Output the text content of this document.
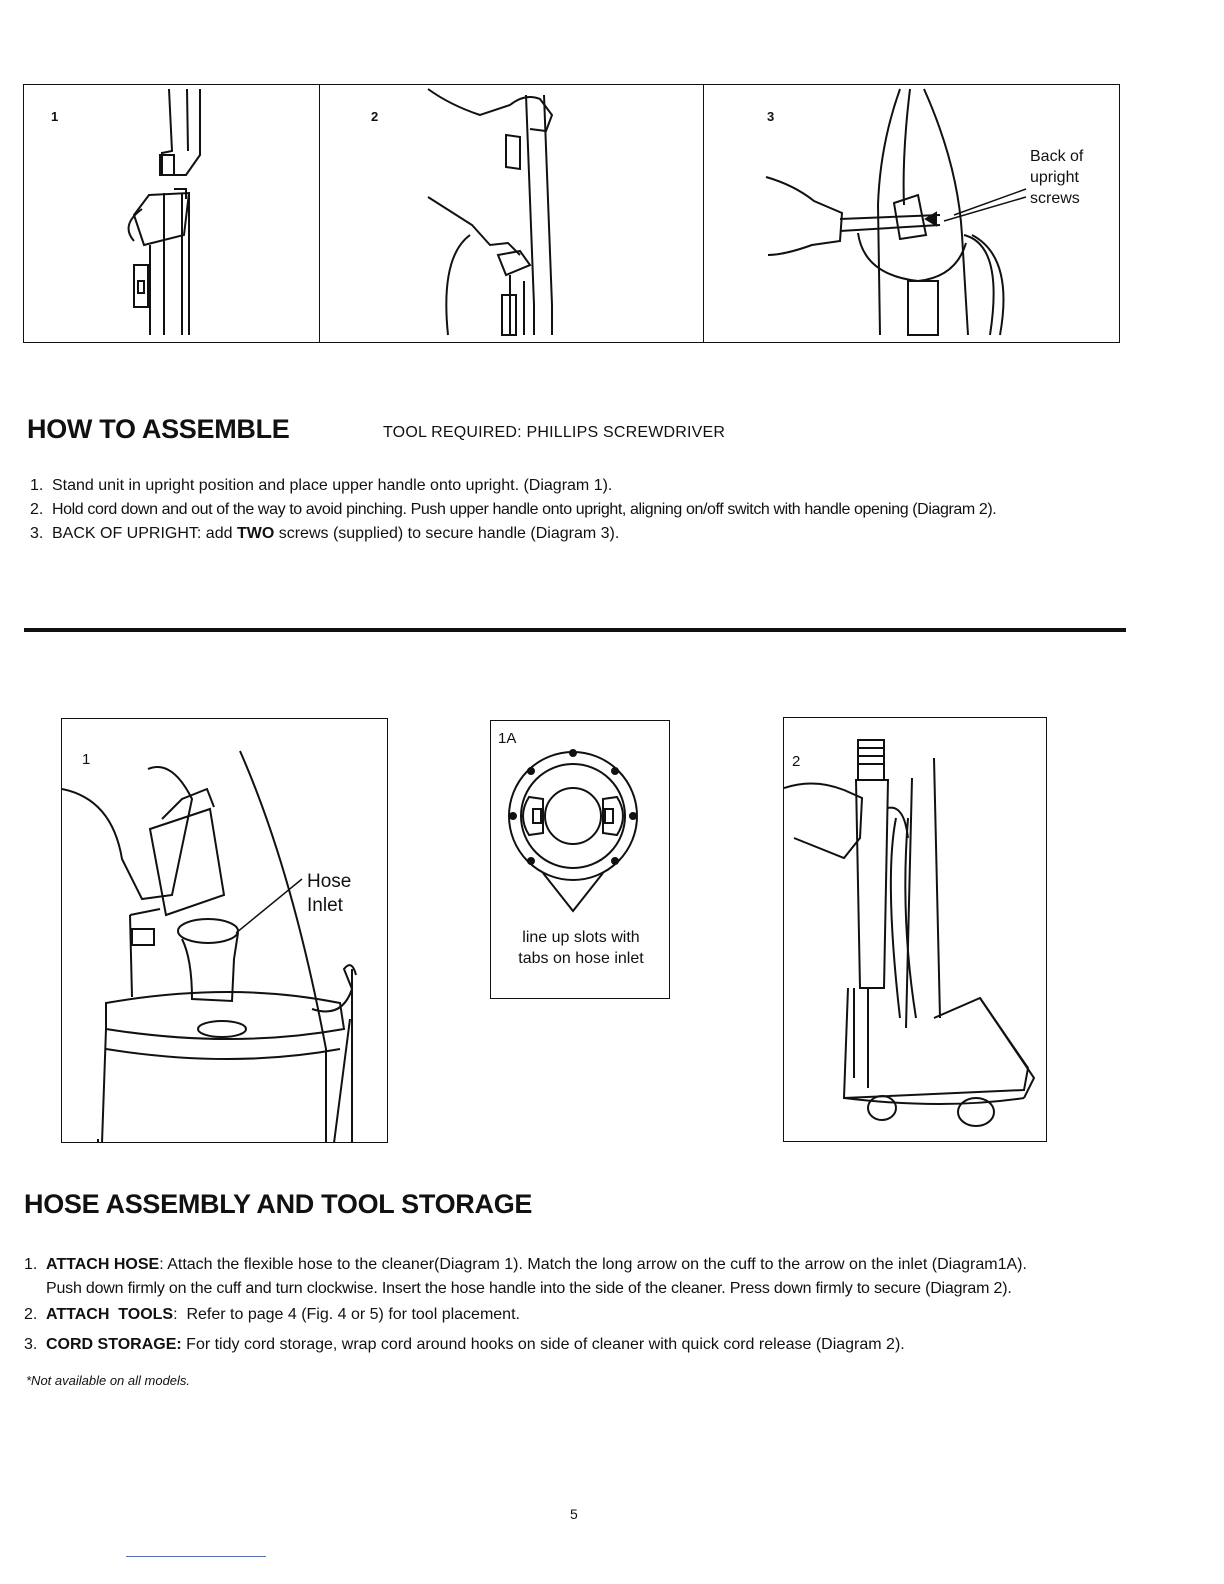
1	2	3
Back of
upright
screws
HOW TO ASSEMBLE	TOOL REQUIRED: PHILLIPS SCREWDRIVER
1. Stand unit in upright position and place upper handle onto upright. (Diagram 1).
2. Hold cord down and out of the way to avoid pinching. Push upper handle onto upright, aligning on/off switch with handle opening (Diagram 2).
3. BACK OF UPRIGHT: add TWO screws (supplied) to secure handle (Diagram 3).
1
Hose
Inlet
1A
line up slots with
tabs on hose inlet
2
HOSE ASSEMBLY AND TOOL STORAGE
1. ATTACH HOSE: Attach the flexible hose to the cleaner(Diagram 1). Match the long arrow on the cuff to the arrow on the inlet (Diagram1A).
Push down firmly on the cuff and turn clockwise. Insert the hose handle into the side of the cleaner. Press down firmly to secure (Diagram 2).
2. ATTACH  TOOLS:  Refer to page 4 (Fig. 4 or 5) for tool placement.
3. CORD STORAGE: For tidy cord storage, wrap cord around hooks on side of cleaner with quick cord release (Diagram 2).
*Not available on all models.
5
